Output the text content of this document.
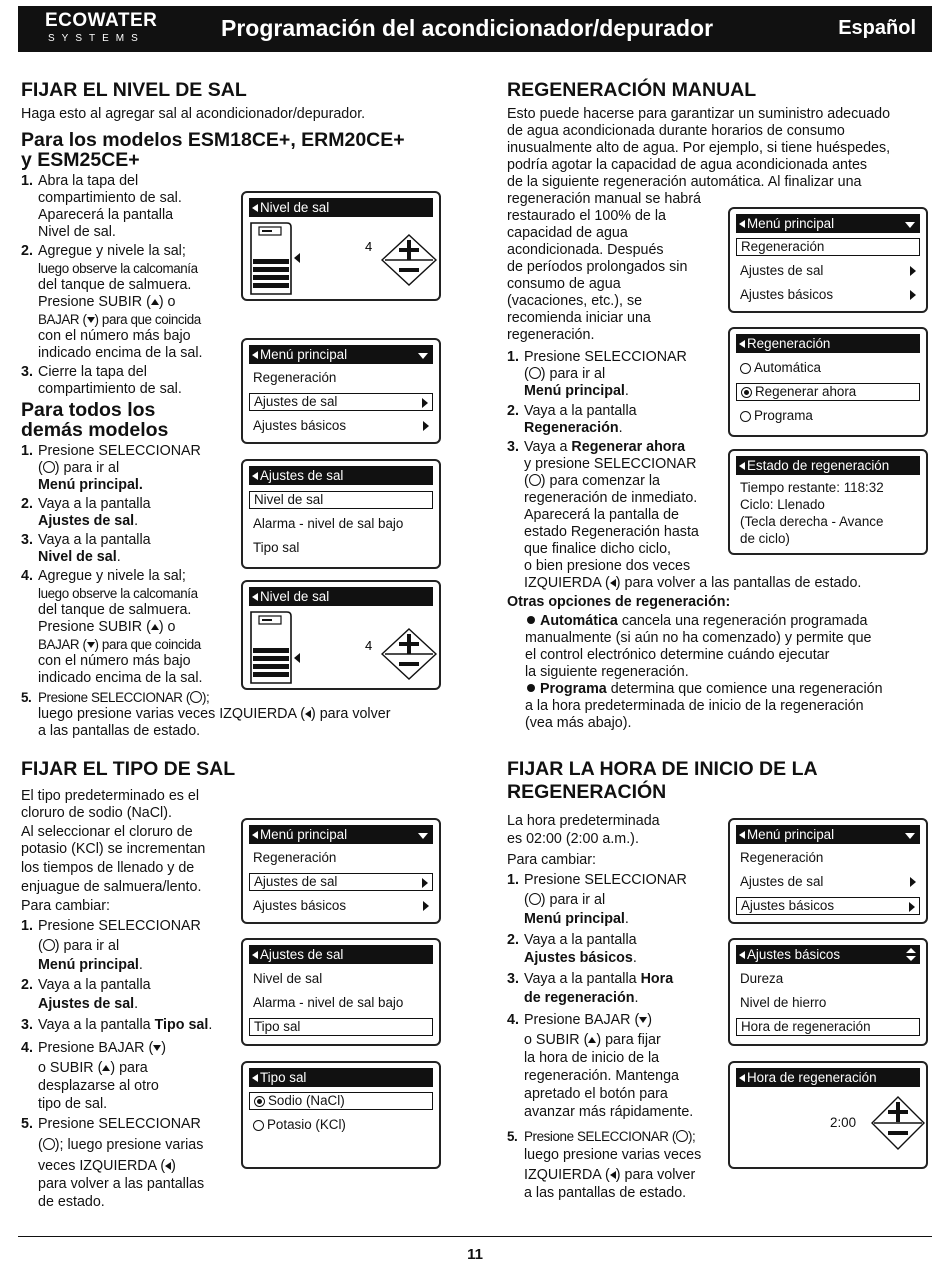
ECOWATER
SYSTEMS	Programación del acondicionador/depurador	Español
FIJAR EL NIVEL DE SAL
Haga esto al agregar sal al acondicionador/depurador.
Para los modelos ESM18CE+, ERM20CE+
y ESM25CE+
1. Abra la tapa del
compartimiento de sal.
Aparecerá la pantalla
Nivel de sal.
2. Agregue y nivele la sal;
luego observe la calcomanía
del tanque de salmuera.
Presione SUBIR ( ) o
BAJAR ( ) para que coincida
con el número más bajo
indicado encima de la sal.
3. Cierre la tapa del
compartimiento de sal.
Para todos los
demás modelos
1. Presione SELECCIONAR
( ) para ir al
Menú principal.
2. Vaya a la pantalla
Ajustes de sal.
3. Vaya a la pantalla
Nivel de sal.
4. Agregue y nivele la sal;
luego observe la calcomanía
del tanque de salmuera.
Presione SUBIR ( ) o
BAJAR ( ) para que coincida
con el número más bajo
indicado encima de la sal.
5. Presione SELECCIONAR ( );
luego presione varias veces IZQUIERDA ( ) para volver
a las pantallas de estado.
Nivel de sal
4
Menú principal
Regeneración
Ajustes de sal
Ajustes básicos
Ajustes de sal
Nivel de sal
Alarma - nivel de sal bajo
Tipo sal
Nivel de sal
4
REGENERACIÓN MANUAL
Esto puede hacerse para garantizar un suministro adecuado
de agua acondicionada durante horarios de consumo
inusualmente alto de agua. Por ejemplo, si tiene huéspedes,
podría agotar la capacidad de agua acondicionada antes
de la siguiente regeneración automática. Al finalizar una
regeneración manual se habrá
restaurado el 100% de la
capacidad de agua
acondicionada. Después
de períodos prolongados sin
consumo de agua
(vacaciones, etc.), se
recomienda iniciar una
regeneración.
1. Presione SELECCIONAR
( ) para ir al
Menú principal.
2. Vaya a la pantalla
Regeneración.
3. Vaya a Regenerar ahora
y presione SELECCIONAR
( ) para comenzar la
regeneración de inmediato.
Aparecerá la pantalla de
estado Regeneración hasta
que finalice dicho ciclo,
o bien presione dos veces
IZQUIERDA ( ) para volver a las pantallas de estado.
Otras opciones de regeneración:
Automática cancela una regeneración programada
manualmente (si aún no ha comenzado) y permite que
el control electrónico determine cuándo ejecutar
la siguiente regeneración.
Programa determina que comience una regeneración
a la hora predeterminada de inicio de la regeneración
(vea más abajo).
Menú principal
Regeneración
Ajustes de sal
Ajustes básicos
Regeneración
Automática
Regenerar ahora
Programa
Estado de regeneración
Tiempo restante: 118:32
Ciclo: Llenado
(Tecla derecha - Avance
de ciclo)
FIJAR EL TIPO DE SAL
El tipo predeterminado es el
cloruro de sodio (NaCl).
Al seleccionar el cloruro de
potasio (KCl) se incrementan
los tiempos de llenado y de
enjuague de salmuera/lento.
Para cambiar:
1. Presione SELECCIONAR
( ) para ir al
Menú principal.
2. Vaya a la pantalla
Ajustes de sal.
3. Vaya a la pantalla Tipo sal.
4. Presione BAJAR ( )
o SUBIR ( ) para
desplazarse al otro
tipo de sal.
5. Presione SELECCIONAR
( ); luego presione varias
veces IZQUIERDA ( )
para volver a las pantallas
de estado.
Menú principal
Regeneración
Ajustes de sal
Ajustes básicos
Ajustes de sal
Nivel de sal
Alarma - nivel de sal bajo
Tipo sal
Tipo sal
Sodio (NaCl)
Potasio (KCl)
FIJAR LA HORA DE INICIO DE LA
REGENERACIÓN
La hora predeterminada
es 02:00 (2:00 a.m.).
Para cambiar:
1. Presione SELECCIONAR
( ) para ir al
Menú principal.
2. Vaya a la pantalla
Ajustes básicos.
3. Vaya a la pantalla Hora
de regeneración.
4. Presione BAJAR ( )
o SUBIR ( ) para fijar
la hora de inicio de la
regeneración. Mantenga
apretado el botón para
avanzar más rápidamente.
5. Presione SELECCIONAR ( );
luego presione varias veces
IZQUIERDA ( ) para volver
a las pantallas de estado.
Menú principal
Regeneración
Ajustes de sal
Ajustes básicos
Ajustes básicos
Dureza
Nivel de hierro
Hora de regeneración
Hora de regeneración
2:00
11
